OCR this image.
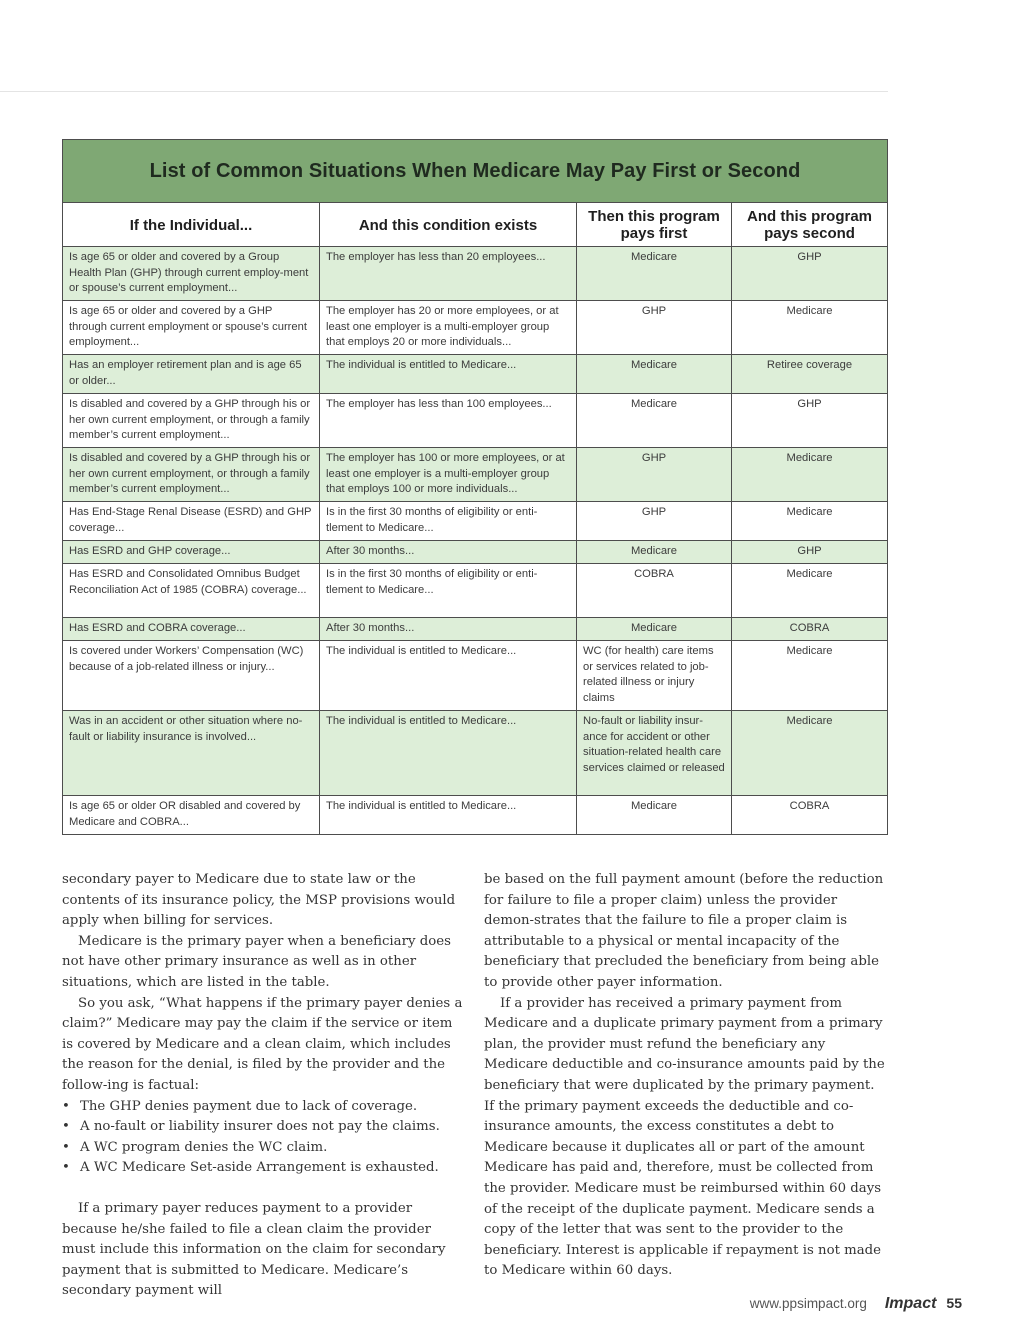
List of Common Situations When Medicare May Pay First or Second			
If the Individual...	And this condition exists	Then this program pays first	And this program pays second
Is age 65 or older and covered by a Group Health Plan (GHP) through current employ-ment or spouse’s current employment...	The employer has less than 20 employees...	Medicare	GHP
Is age 65 or older and covered by a GHP through current employment or spouse’s current employment...	The employer has 20 or more employees, or at least one employer is a multi-employer group that employs 20 or more individuals...	GHP	Medicare
Has an employer retirement plan and is age 65 or older...	The individual is entitled to Medicare...	Medicare	Retiree coverage
Is disabled and covered by a GHP through his or her own current employment, or through a family member’s current employment...	The employer has less than 100 employees...	Medicare	GHP
Is disabled and covered by a GHP through his or her own current employment, or through a family member’s current employment...	The employer has 100 or more employees, or at least one employer is a multi-employer group that employs 100 or more individuals...	GHP	Medicare
Has End-Stage Renal Disease (ESRD) and GHP coverage...	Is in the first 30 months of eligibility or enti-tlement to Medicare...	GHP	Medicare
Has ESRD and GHP coverage...	After 30 months...	Medicare	GHP
Has ESRD and Consolidated Omnibus Budget Reconciliation Act of 1985 (COBRA) coverage...	Is in the first 30 months of eligibility or enti-tlement to Medicare...	COBRA	Medicare
Has ESRD and COBRA coverage...	After 30 months...	Medicare	COBRA
Is covered under Workers’ Compensation (WC) because of a job-related illness or injury...	The individual is entitled to Medicare...	WC (for health) care items or services related to job-related illness or injury claims	Medicare
Was in an accident or other situation where no-fault or liability insurance is involved...	The individual is entitled to Medicare...	No-fault or liability insur-ance for accident or other situation-related health care services claimed or released	Medicare
Is age 65 or older OR disabled and covered by Medicare and COBRA...	The individual is entitled to Medicare...	Medicare	COBRA

secondary payer to Medicare due to state law or the contents of its insurance policy, the MSP provisions would apply when billing for services.

Medicare is the primary payer when a beneficiary does not have other primary insurance as well as in other situations, which are listed in the table.

So you ask, “What happens if the primary payer denies a claim?” Medicare may pay the claim if the service or item is covered by Medicare and a clean claim, which includes the reason for the denial, is filed by the provider and the follow-ing is factual:

• The GHP denies payment due to lack of coverage.
• A no-fault or liability insurer does not pay the claims.
• A WC program denies the WC claim.
• A WC Medicare Set-aside Arrangement is exhausted.

If a primary payer reduces payment to a provider because he/she failed to file a clean claim the provider must include this information on the claim for secondary payment that is submitted to Medicare. Medicare’s secondary payment will

be based on the full payment amount (before the reduction for failure to file a proper claim) unless the provider demon-strates that the failure to file a proper claim is attributable to a physical or mental incapacity of the beneficiary that precluded the beneficiary from being able to provide other payer information.

If a provider has received a primary payment from Medicare and a duplicate primary payment from a primary plan, the provider must refund the beneficiary any Medicare deductible and co-insurance amounts paid by the beneficiary that were duplicated by the primary payment. If the primary payment exceeds the deductible and co-insurance amounts, the excess constitutes a debt to Medicare because it duplicates all or part of the amount Medicare has paid and, therefore, must be collected from the provider. Medicare must be reimbursed within 60 days of the receipt of the duplicate payment. Medicare sends a copy of the letter that was sent to the provider to the beneficiary. Interest is applicable if repayment is not made to Medicare within 60 days.

www.ppsimpact.org Impact 55
